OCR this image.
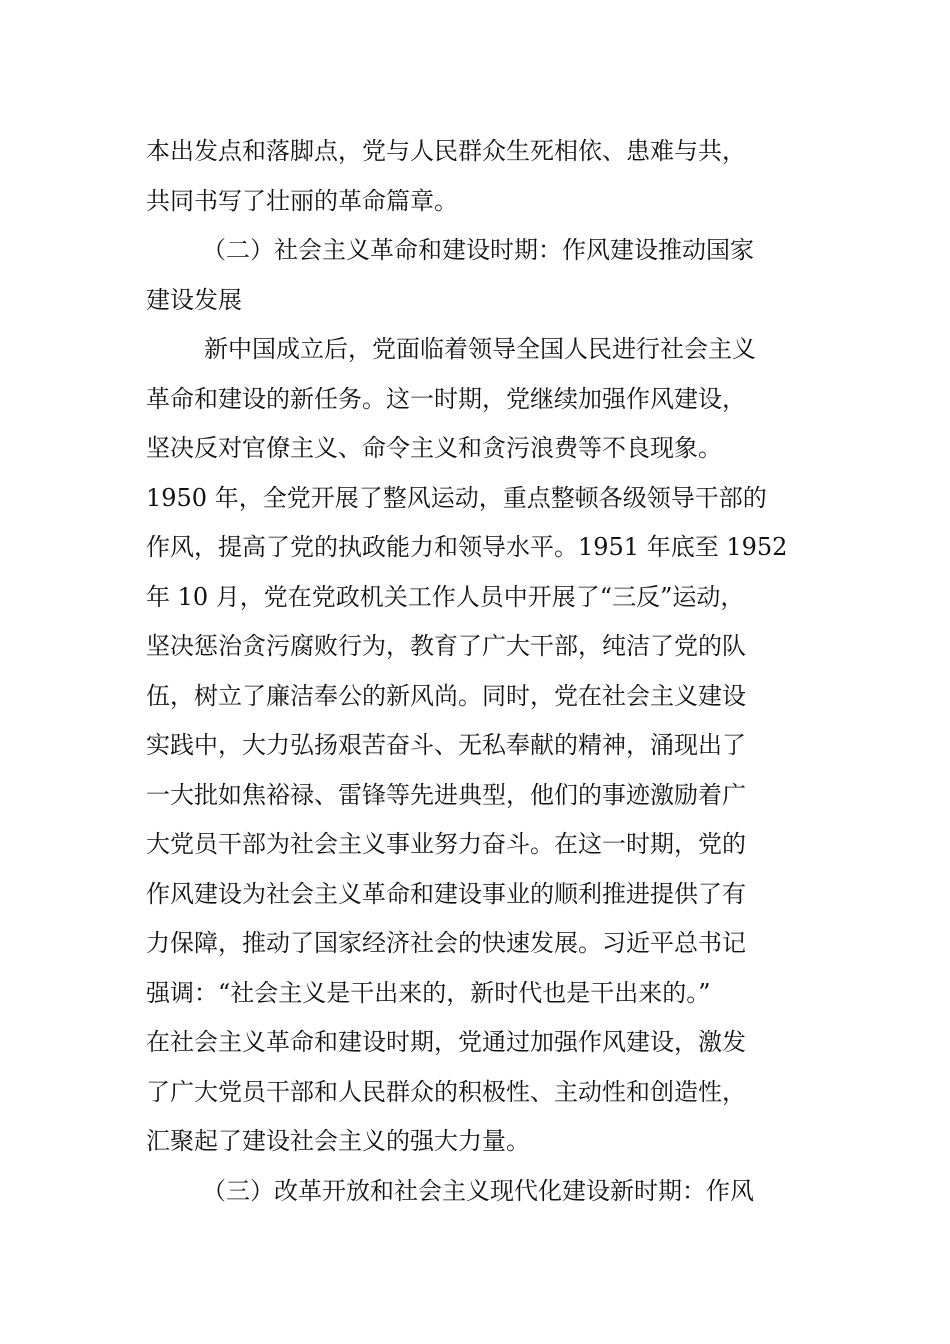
本出发点和落脚点，党与人民群众生死相依、患难与共，
共同书写了壮丽的革命篇章。
（二）社会主义革命和建设时期：作风建设推动国家
建设发展
新中国成立后，党面临着领导全国人民进行社会主义
革命和建设的新任务。这一时期，党继续加强作风建设，
坚决反对官僚主义、命令主义和贪污浪费等不良现象。
1950 年，全党开展了整风运动，重点整顿各级领导干部的
作风，提高了党的执政能力和领导水平。1951 年底至 1952
年 10 月，党在党政机关工作人员中开展了“三反”运动，
坚决惩治贪污腐败行为，教育了广大干部，纯洁了党的队
伍，树立了廉洁奉公的新风尚。同时，党在社会主义建设
实践中，大力弘扬艰苦奋斗、无私奉献的精神，涌现出了
一大批如焦裕禄、雷锋等先进典型，他们的事迹激励着广
大党员干部为社会主义事业努力奋斗。在这一时期，党的
作风建设为社会主义革命和建设事业的顺利推进提供了有
力保障，推动了国家经济社会的快速发展。习近平总书记
强调：“社会主义是干出来的，新时代也是干出来的。”
在社会主义革命和建设时期，党通过加强作风建设，激发
了广大党员干部和人民群众的积极性、主动性和创造性，
汇聚起了建设社会主义的强大力量。
（三）改革开放和社会主义现代化建设新时期：作风
